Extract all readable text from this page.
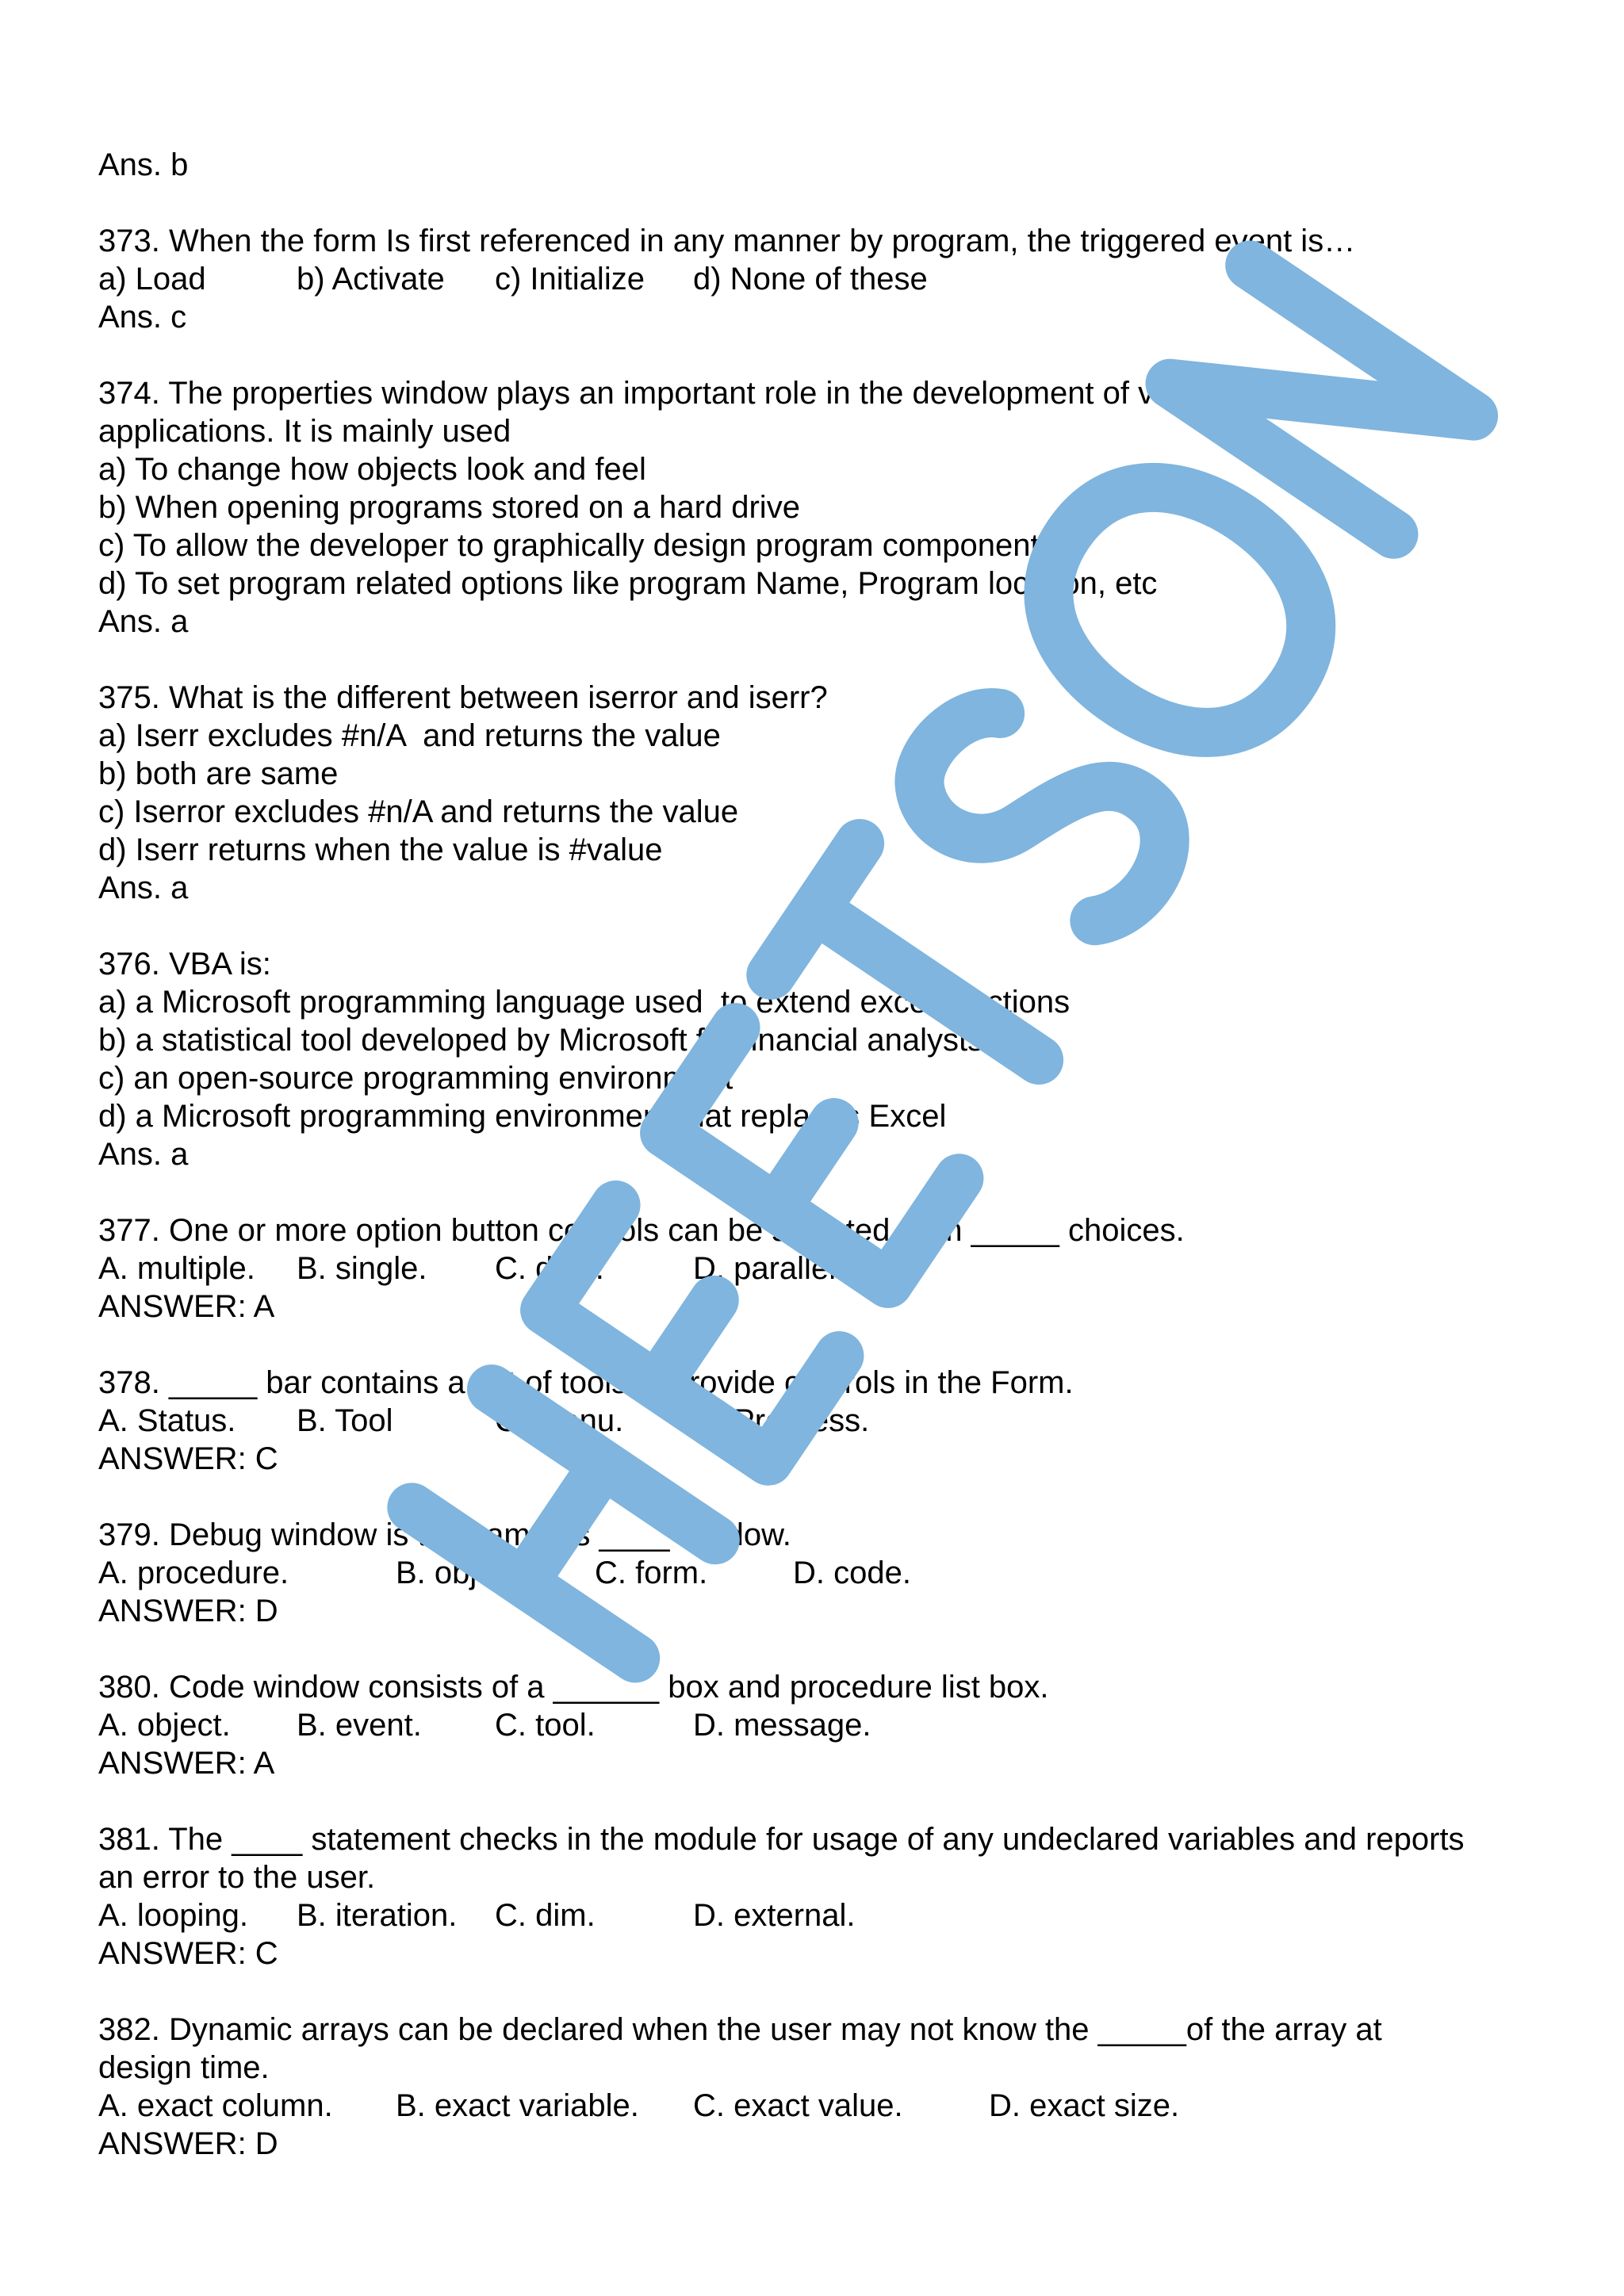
Ans. b

373. When the form Is first referenced in any manner by program, the triggered event is…

a) Load	b) Activate c) Initialize d) None of these

Ans. c

374. The properties window plays an important role in the development of visual basic

applications. It is mainly used

a) To change how objects look and feel

b) When opening programs stored on a hard drive

c) To allow the developer to graphically design program components

d) To set program related options like program Name, Program location, etc

Ans. a

375. What is the different between iserror and iserr?

a) Iserr excludes #n/A  and returns the value

b) both are same

c) Iserror excludes #n/A and returns the value

d) Iserr returns when the value is #value

Ans. a

376. VBA is:

a) a Microsoft programming language used  to extend excel functions

b) a statistical tool developed by Microsoft for financial analysts

c) an open-source programming environment

d) a Microsoft programming environment that replaces Excel

Ans. a

377. One or more option button controls can be selected from _____ choices.

A. multiple. B. single. C. dual.	D. parallel.

ANSWER: A

378. _____ bar contains a set of tools to provide controls in the Form.

A. Status. B. Tool	C. Menu. D. Progress.

ANSWER: C

379. Debug window is the same as ____ window.

A. procedure.	B. object. C. form.	D. code.

ANSWER: D

380. Code window consists of a ______ box and procedure list box.

A. object. B. event. C. tool.	D. message.

ANSWER: A

381. The ____ statement checks in the module for usage of any undeclared variables and reports

an error to the user.

A. looping. B. iteration. C. dim.	D. external.

ANSWER: C

382. Dynamic arrays can be declared when the user may not know the _____of the array at

design time.

A. exact column. B. exact variable. C. exact value.	D. exact size.

ANSWER: D
